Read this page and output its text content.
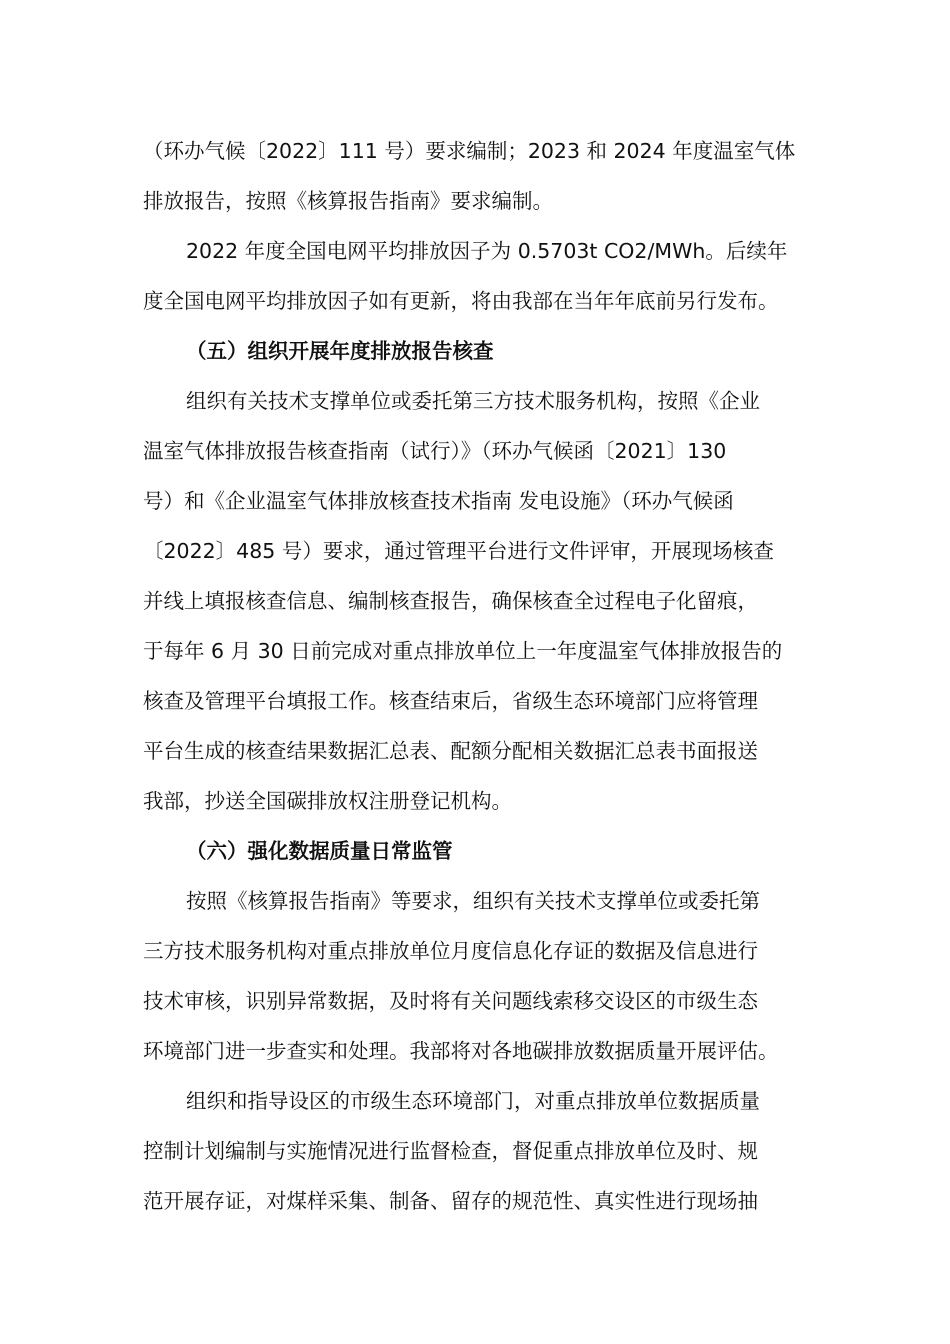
（环办气候〔2022〕111 号）要求编制；2023 和 2024 年度温室气体
排放报告，按照《核算报告指南》要求编制。
2022 年度全国电网平均排放因子为 0.5703t CO2/MWh。后续年
度全国电网平均排放因子如有更新，将由我部在当年年底前另行发布。
（五）组织开展年度排放报告核查
组织有关技术支撑单位或委托第三方技术服务机构，按照《企业
温室气体排放报告核查指南（试行）》（环办气候函〔2021〕130
号）和《企业温室气体排放核查技术指南 发电设施》（环办气候函
〔2022〕485 号）要求，通过管理平台进行文件评审，开展现场核查
并线上填报核查信息、编制核查报告，确保核查全过程电子化留痕，
于每年 6 月 30 日前完成对重点排放单位上一年度温室气体排放报告的
核查及管理平台填报工作。核查结束后，省级生态环境部门应将管理
平台生成的核查结果数据汇总表、配额分配相关数据汇总表书面报送
我部，抄送全国碳排放权注册登记机构。
（六）强化数据质量日常监管
按照《核算报告指南》等要求，组织有关技术支撑单位或委托第
三方技术服务机构对重点排放单位月度信息化存证的数据及信息进行
技术审核，识别异常数据，及时将有关问题线索移交设区的市级生态
环境部门进一步查实和处理。我部将对各地碳排放数据质量开展评估。
组织和指导设区的市级生态环境部门，对重点排放单位数据质量
控制计划编制与实施情况进行监督检查，督促重点排放单位及时、规
范开展存证，对煤样采集、制备、留存的规范性、真实性进行现场抽
